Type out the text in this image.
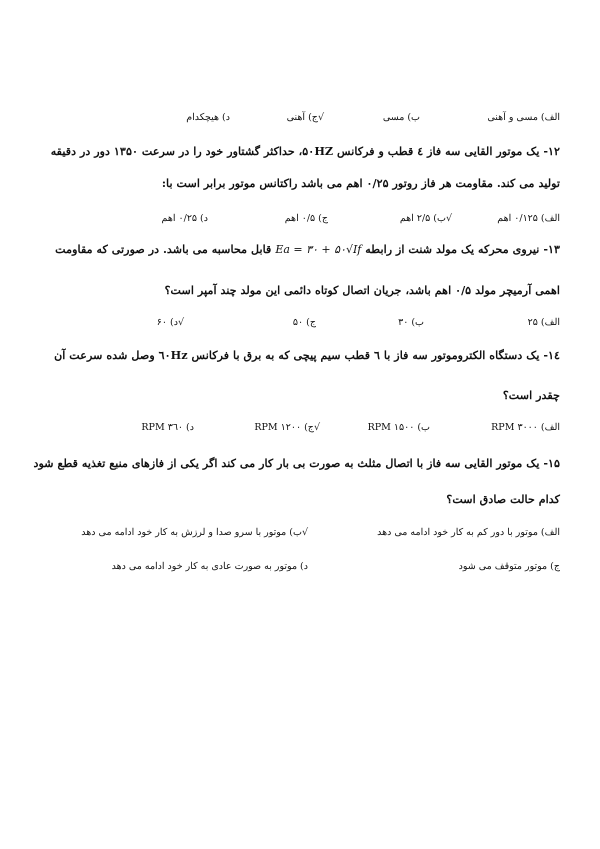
الف) مسی و آهنی
ب) مسی
√ج) آهنی
د) هیچکدام
۱۲- یک موتور القایی سه فاز ٤ قطب و فرکانس ۵۰HZ، حداکثر گشتاور خود را در سرعت ۱۳۵۰ دور در دقیقه
تولید می کند. مقاومت هر فاز روتور ۰/۲۵ اهم می باشد راکتانس موتور برابر است با:
الف) ۰/۱۲۵ اهم
√ب) ۲/۵ اهم
ج) ۰/۵ اهم
د) ۰/۲۵ اهم
۱۳- نیروی محرکه یک مولد شنت از رابطه Ea = ۳۰ + ۵۰√If قابل محاسبه می باشد. در صورتی که مقاومت
اهمی آرمیچر مولد ۰/۵ اهم باشد، جریان اتصال کوتاه دائمی این مولد چند آمپر است؟
الف) ۲۵
ب) ۳۰
ج) ۵۰
√د) ۶۰
۱٤- یک دستگاه الکتروموتور سه فاز با ٦ قطب سیم پیچی که به برق با فرکانس ٦۰Hz وصل شده سرعت آن
چقدر است؟
الف) ۳۰۰۰ RPM
ب) ۱۵۰۰ RPM
√ج) ۱۲۰۰ RPM
د) ۳٦۰ RPM
۱۵- یک موتور القایی سه فاز با اتصال مثلث به صورت بی بار کار می کند اگر یکی از فازهای منبع تغذیه قطع شود
کدام حالت صادق است؟
الف) موتور با دور کم به کار خود ادامه می دهد
√ب) موتور با سرو صدا و لرزش به کار خود ادامه می دهد
ج) موتور متوقف می شود
د) موتور به صورت عادی به کار خود ادامه می دهد
